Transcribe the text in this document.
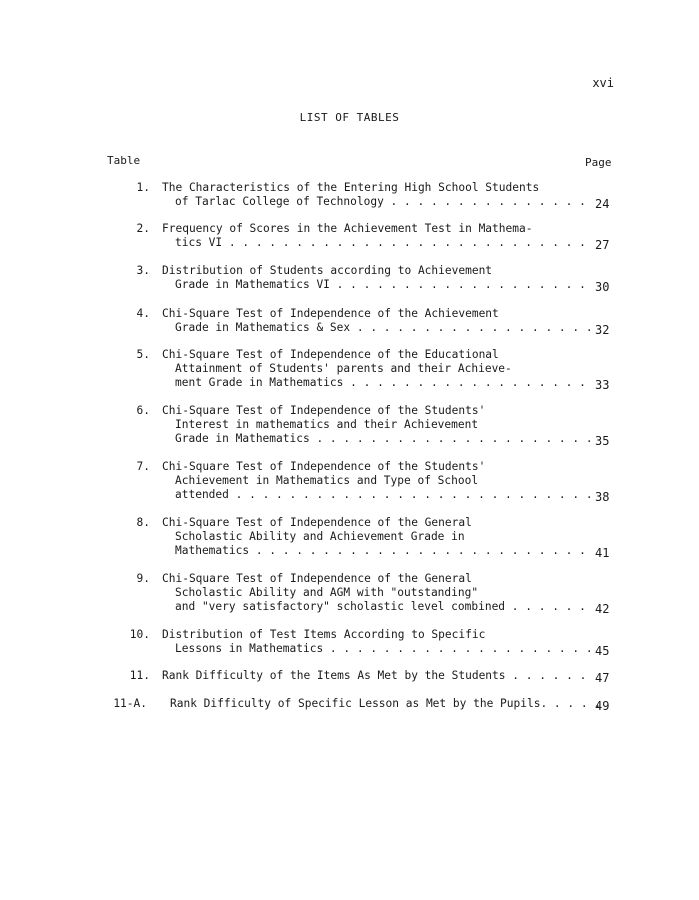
xvi
LIST OF TABLES
Table	Page
1. The Characteristics of the Entering High School Students
of Tarlac College of Technology . . .	24
2. Frequency of Scores in the Achievement Test in Mathema-
tics VI . . .	27
3. Distribution of Students according to Achievement
Grade in Mathematics VI . . .	30
4. Chi-Square Test of Independence of the Achievement
Grade in Mathematics & Sex . . .	32
5. Chi-Square Test of Independence of the Educational
Attainment of Students' parents and their Achieve-
ment Grade in Mathematics . . .	33
6. Chi-Square Test of Independence of the Students'
Interest in mathematics and their Achievement
Grade in Mathematics . . .	35
7. Chi-Square Test of Independence of the Students'
Achievement in Mathematics and Type of School
attended . . .	38
8. Chi-Square Test of Independence of the General
Scholastic Ability and Achievement Grade in
Mathematics . . .	41
9. Chi-Square Test of Independence of the General
Scholastic Ability and AGM with "outstanding"
and "very satisfactory" scholastic level combined . . .	42
10. Distribution of Test Items According to Specific
Lessons in Mathematics . . .	45
11. Rank Difficulty of the Items As Met by the Students . . .	47
11-A. Rank Difficulty of Specific Lesson as Met by the Pupils. . . .	49
